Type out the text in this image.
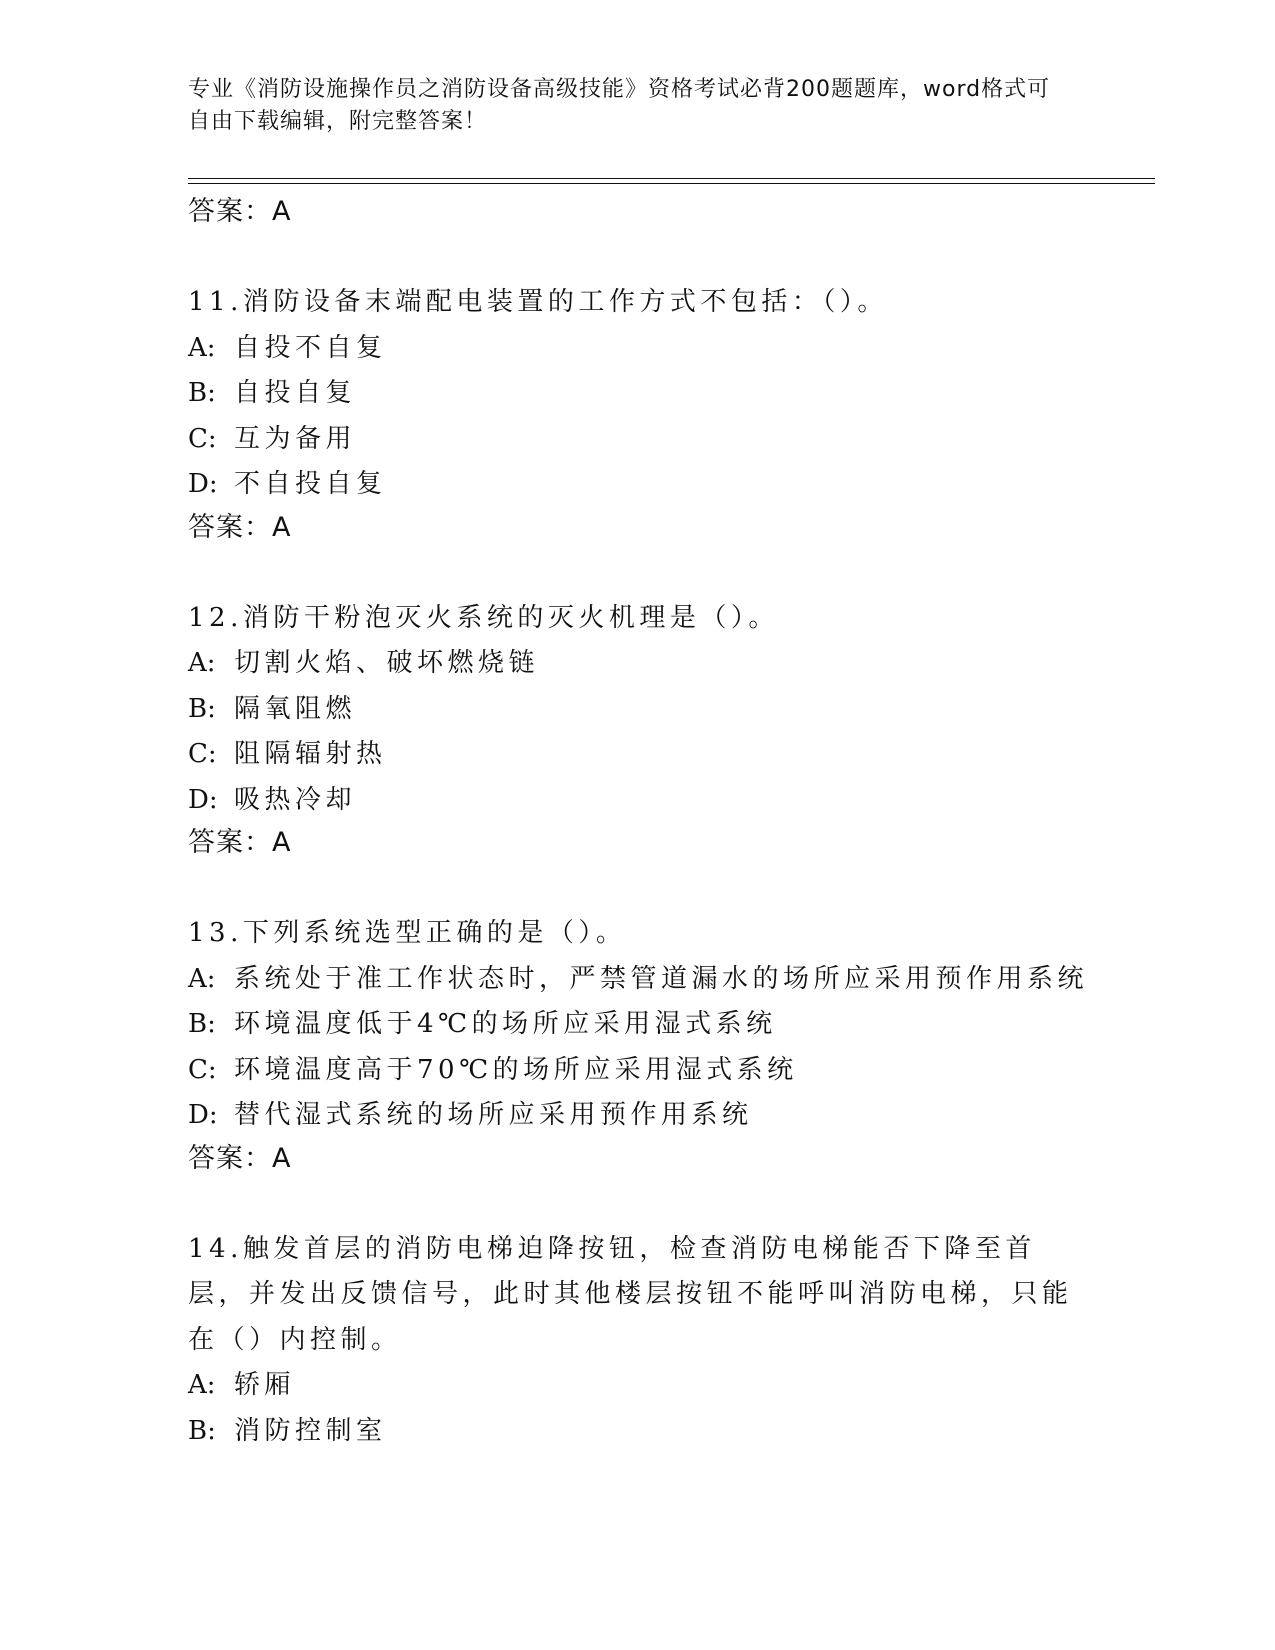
专业《消防设施操作员之消防设备高级技能》资格考试必背200题题库，word格式可自由下载编辑，附完整答案！
答案：A
11.消防设备末端配电装置的工作方式不包括：（）。
A: 自投不自复
B: 自投自复
C: 互为备用
D: 不自投自复
答案：A
12.消防干粉泡灭火系统的灭火机理是（）。
A: 切割火焰、破坏燃烧链
B: 隔氧阻燃
C: 阻隔辐射热
D: 吸热冷却
答案：A
13.下列系统选型正确的是（）。
A: 系统处于准工作状态时，严禁管道漏水的场所应采用预作用系统
B: 环境温度低于4℃的场所应采用湿式系统
C: 环境温度高于70℃的场所应采用湿式系统
D: 替代湿式系统的场所应采用预作用系统
答案：A
14.触发首层的消防电梯迫降按钮，检查消防电梯能否下降至首层，并发出反馈信号，此时其他楼层按钮不能呼叫消防电梯，只能在（）内控制。
A: 轿厢
B: 消防控制室
